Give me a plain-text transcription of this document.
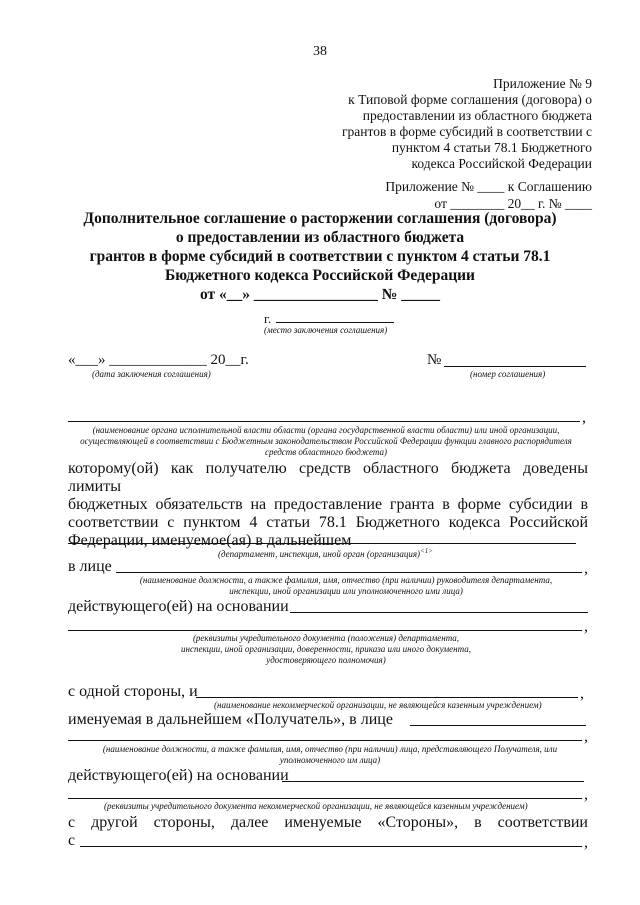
38
Приложение № 9
к Типовой форме соглашения (договора) о
предоставлении из областного бюджета
грантов в форме субсидий в соответствии с
пунктом 4 статьи 78.1 Бюджетного
кодекса Российской Федерации
Приложение № ____ к Соглашению
от ________ 20__ г. № ____
Дополнительное соглашение о расторжении соглашения (договора)
о предоставлении из областного бюджета
грантов в форме субсидий в соответствии с пунктом 4 статьи 78.1
Бюджетного кодекса Российской Федерации
от «__» ________________ № _____
г.
(место заключения соглашения)
«___» _____________ 20__г.
(дата заключения соглашения)
№
(номер соглашения)
,
(наименование органа исполнительной власти области (органа государственной власти области) или иной организации, осуществляющей в соответствии с Бюджетным законодательством Российской Федерации функции главного распорядителя средств областного бюджета)
которому(ой) как получателю средств областного бюджета доведены лимиты
бюджетных обязательств на предоставление гранта в форме субсидии в
соответствии с пунктом 4 статьи 78.1 Бюджетного кодекса Российской
Федерации, именуемое(ая) в дальнейшем
(департамент, инспекция, иной орган (организация)$^{<1>}$
в лице	,
(наименование должности, а также фамилия, имя, отчество (при наличии) руководителя департамента, инспекции, иной организации или уполномоченного ими лица)
действующего(ей) на основании
,
(реквизиты учредительного документа (положения) департамента, инспекции, иной организации, доверенности, приказа или иного документа, удостоверяющего полномочия)
с одной стороны, и	,
(наименование некоммерческой организации, не являющейся казенным учреждением)
именуемая в дальнейшем «Получатель», в лице
,
(наименование должности, а также фамилия, имя, отчество (при наличии) лица, представляющего Получателя, или уполномоченного им лица)
действующего(ей) на основании
,
(реквизиты учредительного документа некоммерческой организации, не являющейся казенным учреждением)
с другой стороны, далее именуемые «Стороны», в соответствии
с	,
